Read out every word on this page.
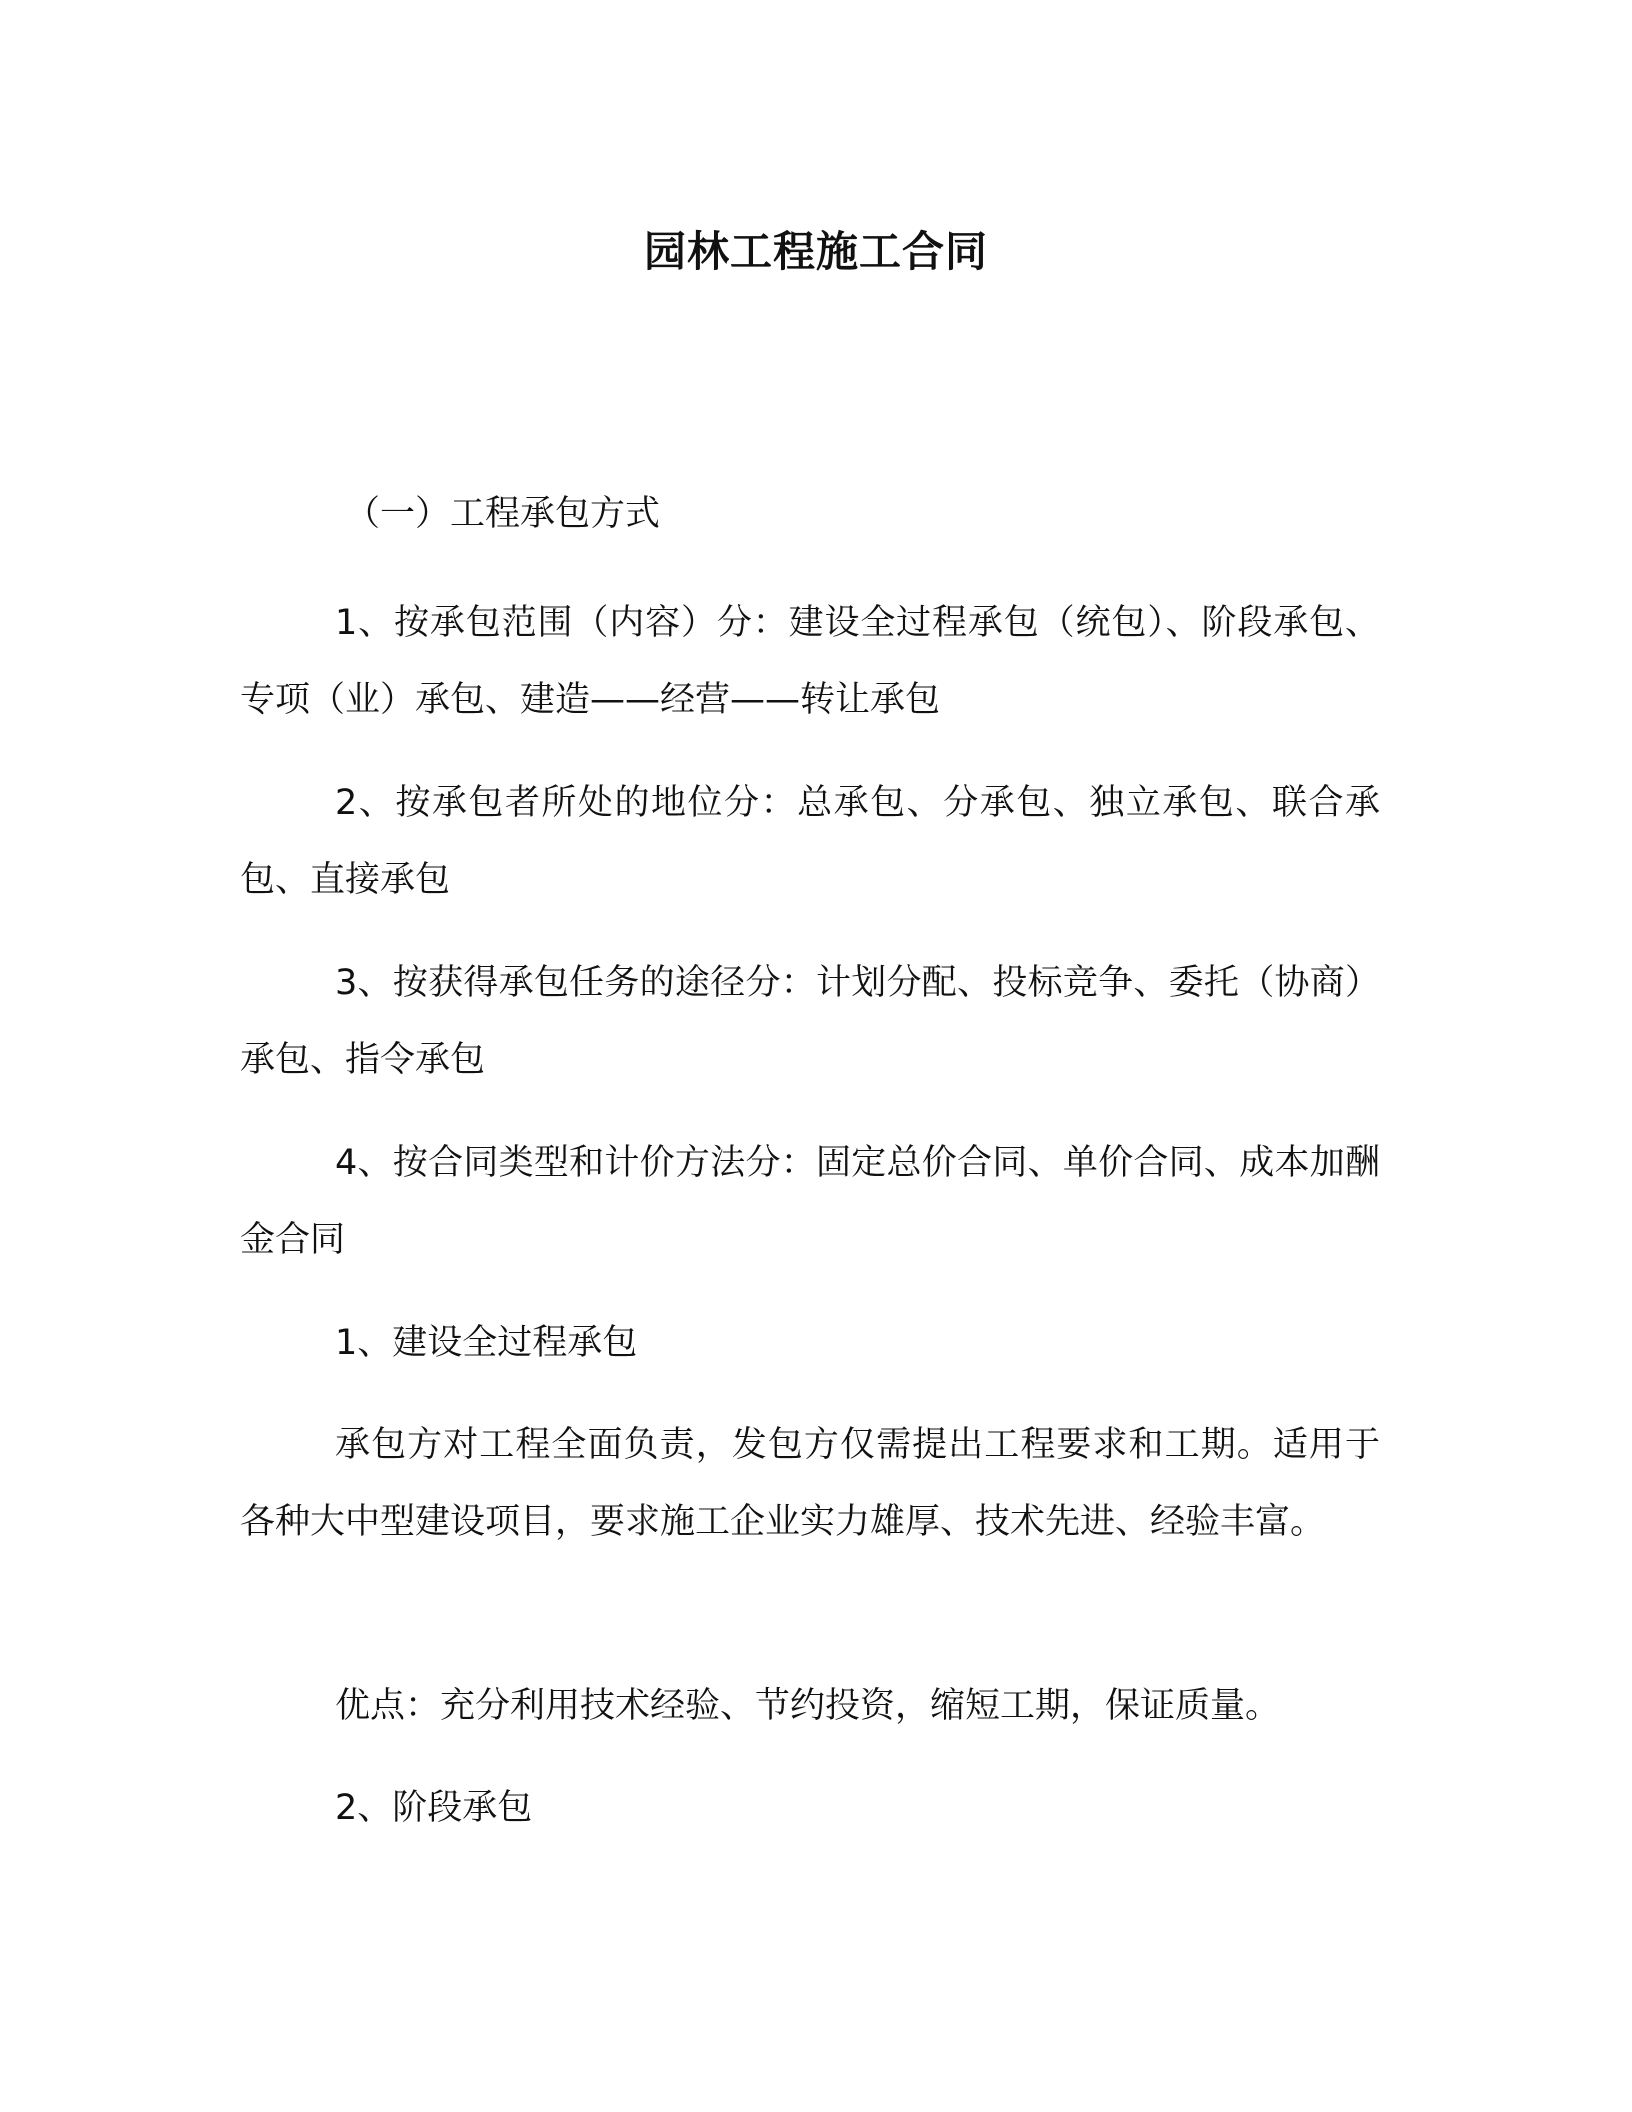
园林工程施工合同
（一）工程承包方式

1、按承包范围（内容）分：建设全过程承包（统包）、阶段承包、专项（业）承包、建造——经营——转让承包

2、按承包者所处的地位分：总承包、分承包、独立承包、联合承包、直接承包

3、按获得承包任务的途径分：计划分配、投标竞争、委托（协商）承包、指令承包

4、按合同类型和计价方法分：固定总价合同、单价合同、成本加酬金合同

1、建设全过程承包

承包方对工程全面负责，发包方仅需提出工程要求和工期。适用于各种大中型建设项目，要求施工企业实力雄厚、技术先进、经验丰富。

优点：充分利用技术经验、节约投资，缩短工期，保证质量。

2、阶段承包
